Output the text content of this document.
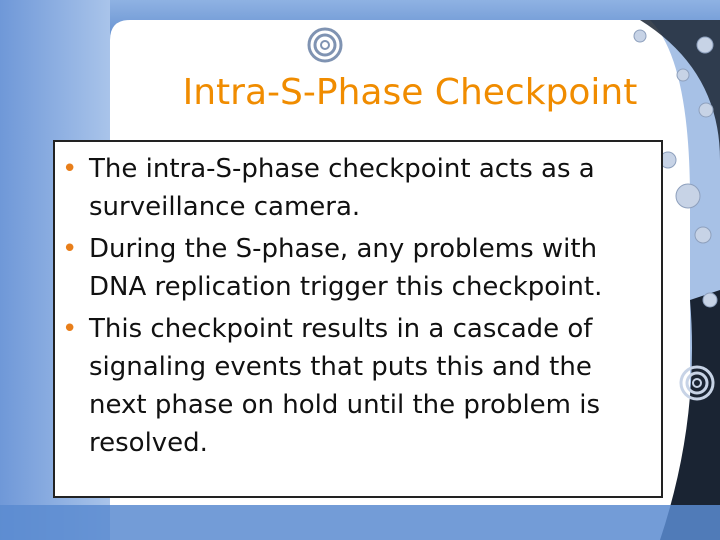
Intra-S-Phase Checkpoint
• The intra-S-phase checkpoint acts as a surveillance camera.
• During the S-phase, any problems with DNA replication trigger this checkpoint.
• This checkpoint results in a cascade of signaling events that puts this and the next phase on hold until the problem is resolved.
